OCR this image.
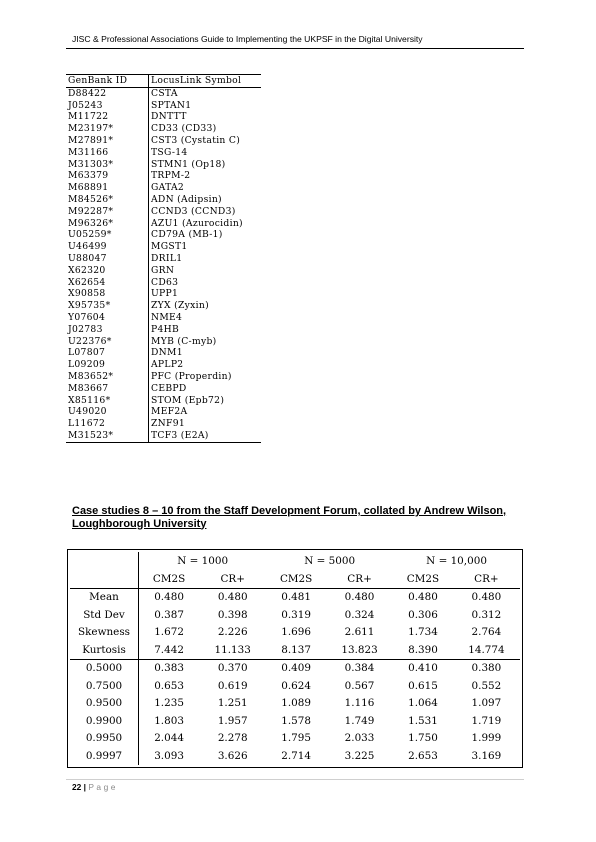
JISC & Professional Associations Guide to Implementing the UKPSF in the Digital University
GenBank ID	LocusLink Symbol
D88422	CSTA
J05243	SPTAN1
M11722	DNTTT
M23197*	CD33 (CD33)
M27891*	CST3 (Cystatin C)
M31166	TSG-14
M31303*	STMN1 (Op18)
M63379	TRPM-2
M68891	GATA2
M84526*	ADN (Adipsin)
M92287*	CCND3 (CCND3)
M96326*	AZU1 (Azurocidin)
U05259*	CD79A (MB-1)
U46499	MGST1
U88047	DRIL1
X62320	GRN
X62654	CD63
X90858	UPP1
X95735*	ZYX (Zyxin)
Y07604	NME4
J02783	P4HB
U22376*	MYB (C-myb)
L07807	DNM1
L09209	APLP2
M83652*	PFC (Properdin)
M83667	CEBPD
X85116*	STOM (Epb72)
U49020	MEF2A
L11672	ZNF91
M31523*	TCF3 (E2A)
Case studies 8 – 10 from the Staff Development Forum, collated by Andrew Wilson, Loughborough University
	N = 1000		N = 5000		N = 10,000	
	CM2S	CR+	CM2S	CR+	CM2S	CR+
Mean	0.480	0.480	0.481	0.480	0.480	0.480
Std Dev	0.387	0.398	0.319	0.324	0.306	0.312
Skewness	1.672	2.226	1.696	2.611	1.734	2.764
Kurtosis	7.442	11.133	8.137	13.823	8.390	14.774
0.5000	0.383	0.370	0.409	0.384	0.410	0.380
0.7500	0.653	0.619	0.624	0.567	0.615	0.552
0.9500	1.235	1.251	1.089	1.116	1.064	1.097
0.9900	1.803	1.957	1.578	1.749	1.531	1.719
0.9950	2.044	2.278	1.795	2.033	1.750	1.999
0.9997	3.093	3.626	2.714	3.225	2.653	3.169
22 | Page
